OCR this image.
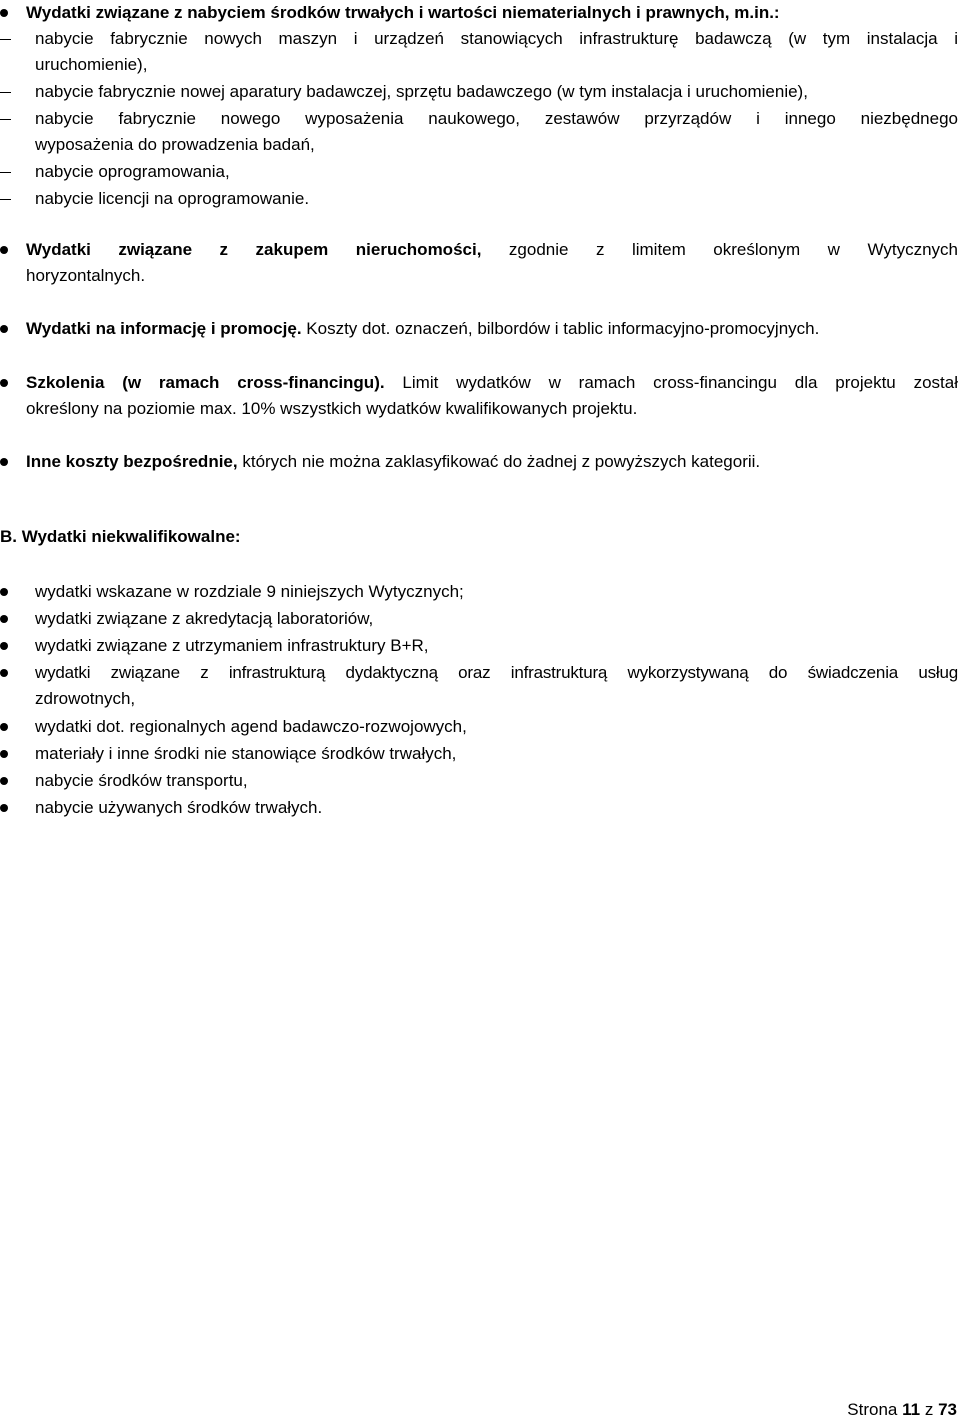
Wydatki związane z nabyciem środków trwałych i wartości niematerialnych i prawnych, m.in.:
nabycie fabrycznie nowych maszyn i urządzeń stanowiących infrastrukturę badawczą (w tym instalacja i
uruchomienie),
nabycie fabrycznie nowej aparatury badawczej, sprzętu badawczego (w tym instalacja i uruchomienie),
nabycie fabrycznie nowego wyposażenia naukowego, zestawów przyrządów i innego niezbędnego
wyposażenia do prowadzenia badań,
nabycie oprogramowania,
nabycie licencji na oprogramowanie.
Wydatki związane z zakupem nieruchomości, zgodnie z limitem określonym w Wytycznych
horyzontalnych.
Wydatki na informację i promocję. Koszty dot. oznaczeń, bilbordów i tablic informacyjno-promocyjnych.
Szkolenia (w ramach cross-financingu). Limit wydatków w ramach cross-financingu dla projektu został
określony na poziomie max. 10% wszystkich wydatków kwalifikowanych projektu.
Inne koszty bezpośrednie, których nie można zaklasyfikować do żadnej z powyższych kategorii.
B. Wydatki niekwalifikowalne:
wydatki wskazane w rozdziale 9 niniejszych Wytycznych;
wydatki związane z akredytacją laboratoriów,
wydatki związane z utrzymaniem infrastruktury B+R,
wydatki związane z infrastrukturą dydaktyczną oraz infrastrukturą wykorzystywaną do świadczenia usług
zdrowotnych,
wydatki dot. regionalnych agend badawczo-rozwojowych,
materiały i inne środki nie stanowiące środków trwałych,
nabycie środków transportu,
nabycie używanych środków trwałych.
Strona 11 z 73
